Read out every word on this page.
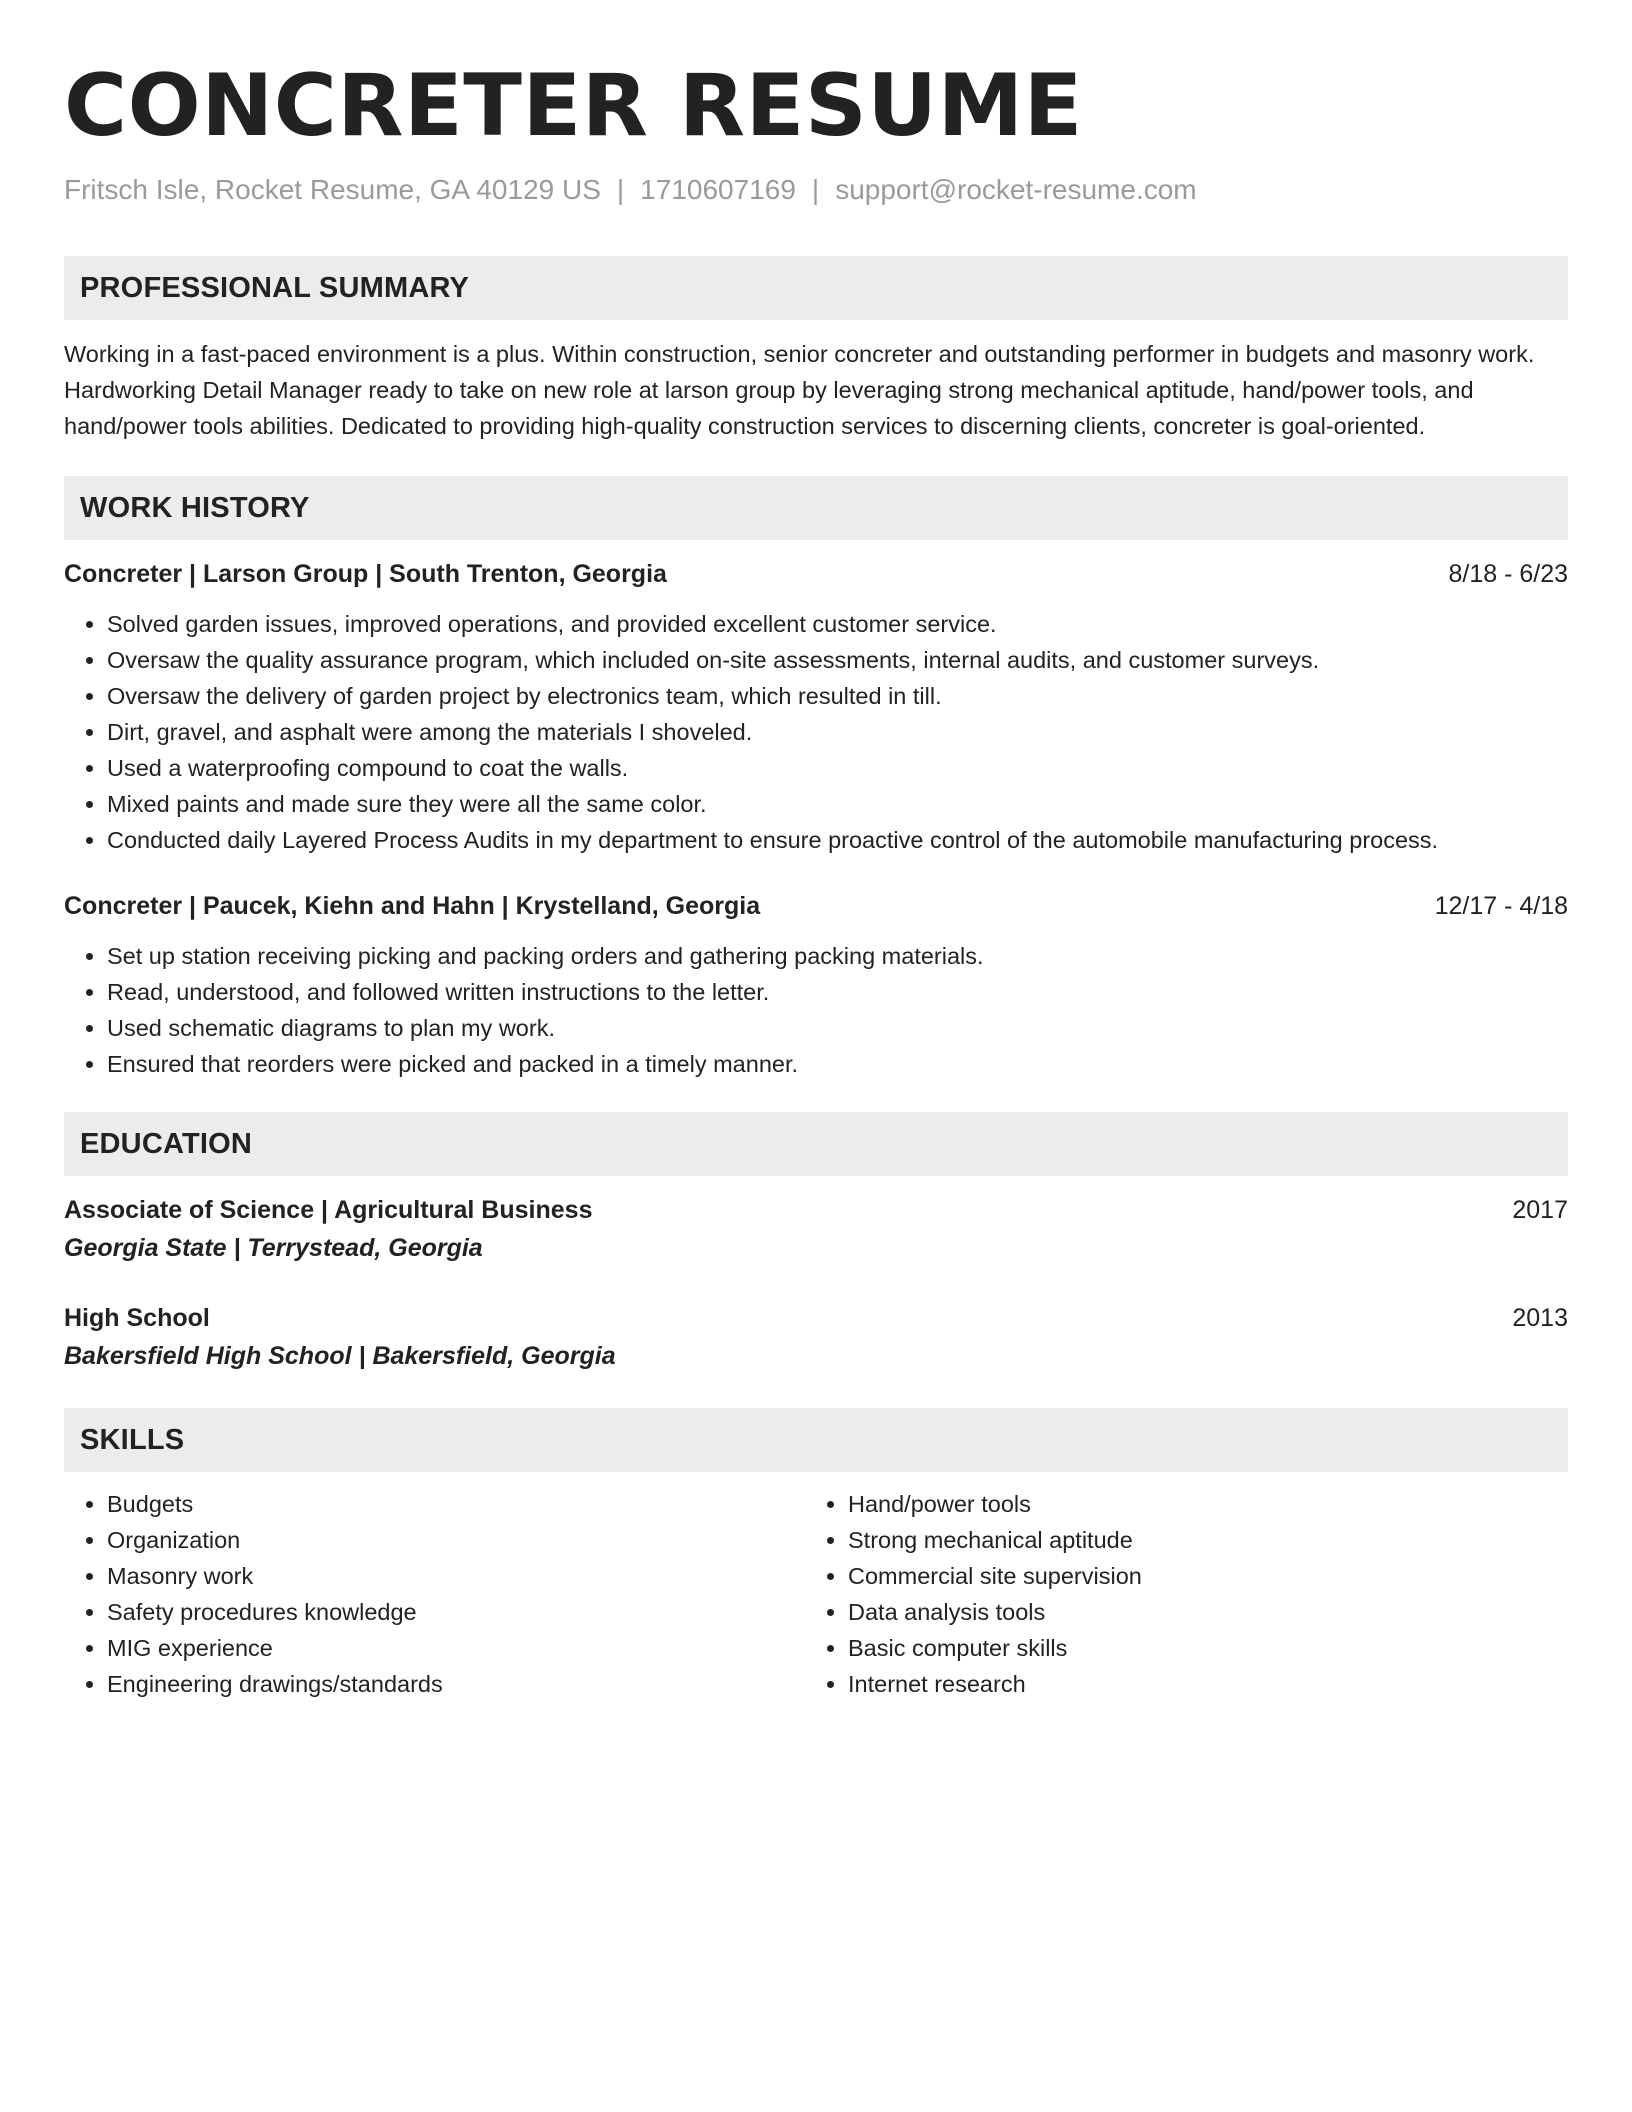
CONCRETER RESUME
Fritsch Isle, Rocket Resume, GA 40129 US | 1710607169 | support@rocket-resume.com
PROFESSIONAL SUMMARY

Working in a fast-paced environment is a plus. Within construction, senior concreter and outstanding performer in budgets and masonry work. Hardworking Detail Manager ready to take on new role at larson group by leveraging strong mechanical aptitude, hand/power tools, and hand/power tools abilities. Dedicated to providing high-quality construction services to discerning clients, concreter is goal-oriented.

WORK HISTORY
Concreter | Larson Group | South Trenton, Georgia	8/18 - 6/23
• Solved garden issues, improved operations, and provided excellent customer service.
• Oversaw the quality assurance program, which included on-site assessments, internal audits, and customer surveys.
• Oversaw the delivery of garden project by electronics team, which resulted in till.
• Dirt, gravel, and asphalt were among the materials I shoveled.
• Used a waterproofing compound to coat the walls.
• Mixed paints and made sure they were all the same color.
• Conducted daily Layered Process Audits in my department to ensure proactive control of the automobile manufacturing process.
Concreter | Paucek, Kiehn and Hahn | Krystelland, Georgia	12/17 - 4/18
• Set up station receiving picking and packing orders and gathering packing materials.
• Read, understood, and followed written instructions to the letter.
• Used schematic diagrams to plan my work.
• Ensured that reorders were picked and packed in a timely manner.
EDUCATION
Associate of Science | Agricultural Business	2017
Georgia State | Terrystead, Georgia
High School	2013
Bakersfield High School | Bakersfield, Georgia
SKILLS
• Budgets
• Organization
• Masonry work
• Safety procedures knowledge
• MIG experience
• Engineering drawings/standards
• Hand/power tools
• Strong mechanical aptitude
• Commercial site supervision
• Data analysis tools
• Basic computer skills
• Internet research
